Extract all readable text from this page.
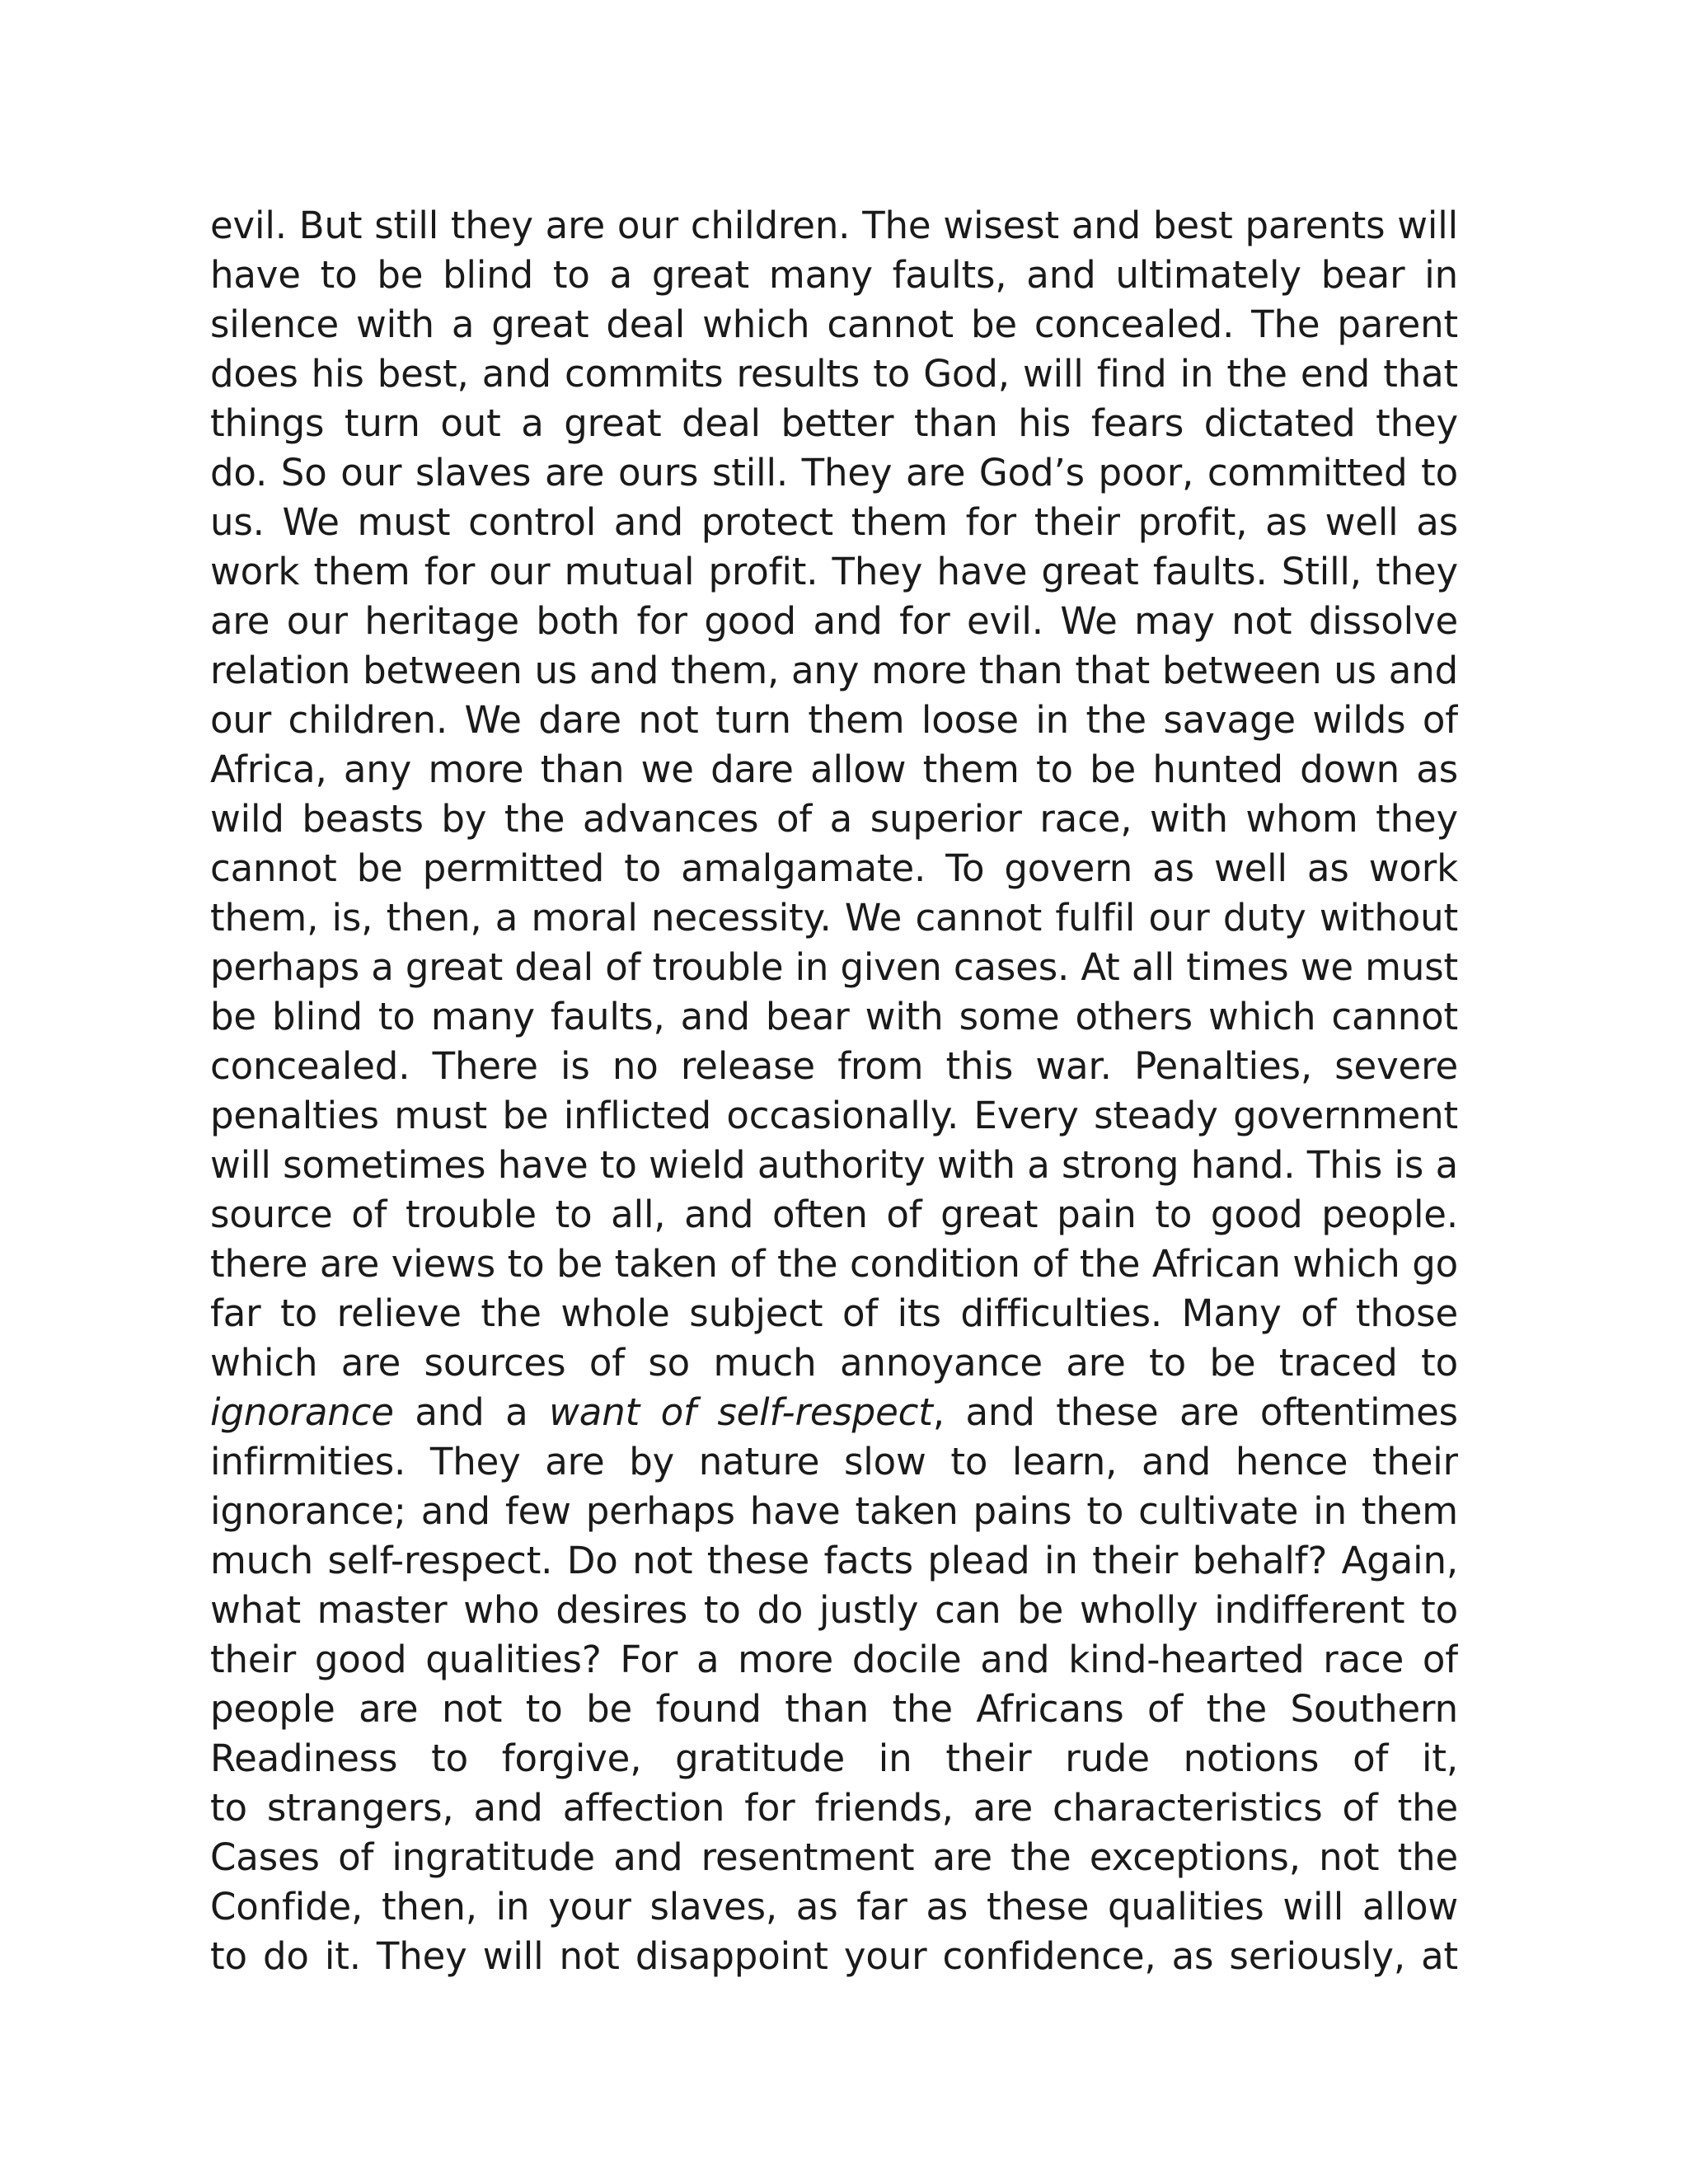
evil. But still they are our children. The wisest and best parents will
have to be blind to a great many faults, and ultimately bear in
silence with a great deal which cannot be concealed. The parent
does his best, and commits results to God, will find in the end that
things turn out a great deal better than his fears dictated they
do. So our slaves are ours still. They are God’s poor, committed to
us. We must control and protect them for their profit, as well as
work them for our mutual profit. They have great faults. Still, they
are our heritage both for good and for evil. We may not dissolve
relation between us and them, any more than that between us and
our children. We dare not turn them loose in the savage wilds of
Africa, any more than we dare allow them to be hunted down as
wild beasts by the advances of a superior race, with whom they
cannot be permitted to amalgamate. To govern as well as work
them, is, then, a moral necessity. We cannot fulfil our duty without
perhaps a great deal of trouble in given cases. At all times we must
be blind to many faults, and bear with some others which cannot
concealed. There is no release from this war. Penalties, severe
penalties must be inflicted occasionally. Every steady government
will sometimes have to wield authority with a strong hand. This is a
source of trouble to all, and often of great pain to good people.
there are views to be taken of the condition of the African which go
far to relieve the whole subject of its difficulties. Many of those
which are sources of so much annoyance are to be traced to
ignorance and a want of self-respect, and these are oftentimes
infirmities. They are by nature slow to learn, and hence their
ignorance; and few perhaps have taken pains to cultivate in them
much self-respect. Do not these facts plead in their behalf? Again,
what master who desires to do justly can be wholly indifferent to
their good qualities? For a more docile and kind-hearted race of
people are not to be found than the Africans of the Southern
Readiness to forgive, gratitude in their rude notions of it,
to strangers, and affection for friends, are characteristics of the
Cases of ingratitude and resentment are the exceptions, not the
Confide, then, in your slaves, as far as these qualities will allow
to do it. They will not disappoint your confidence, as seriously, at
